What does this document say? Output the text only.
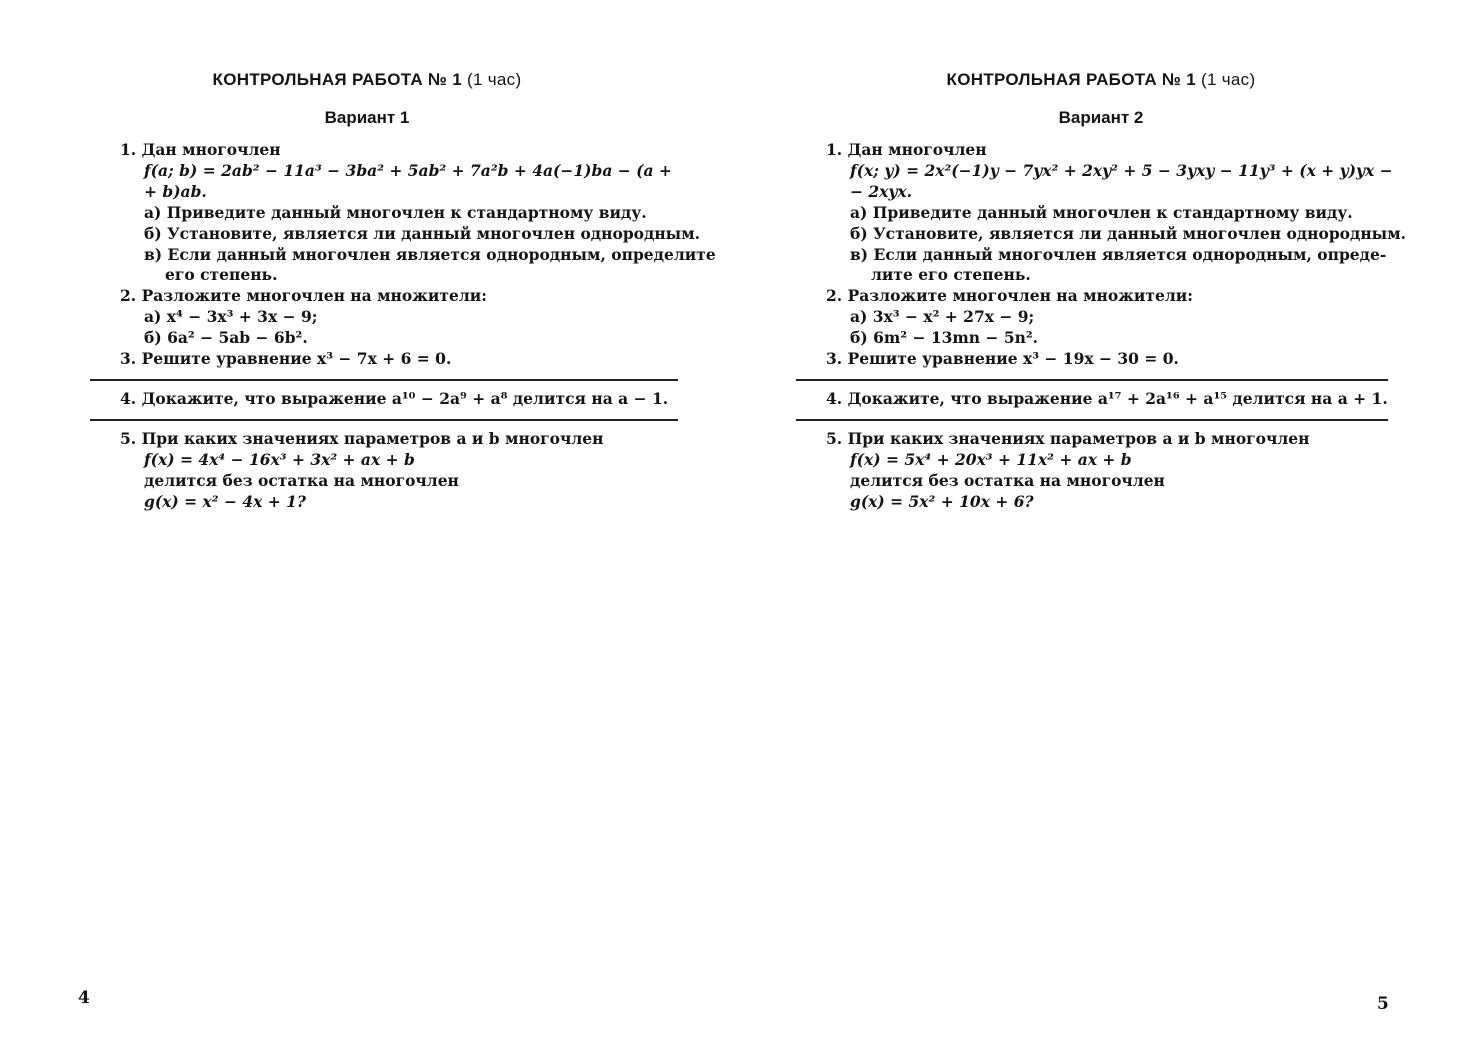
КОНТРОЛЬНАЯ РАБОТА № 1 (1 час)
Вариант 1
1. Дан многочлен
f(a; b) = 2ab² − 11a³ − 3ba² + 5ab² + 7a²b + 4a(−1)ba − (a +
+ b)ab.
а) Приведите данный многочлен к стандартному виду.
б) Установите, является ли данный многочлен однородным.
в) Если данный многочлен является однородным, определите
его степень.
2. Разложите многочлен на множители:
а) x⁴ − 3x³ + 3x − 9;
б) 6a² − 5ab − 6b².
3. Решите уравнение x³ − 7x + 6 = 0.
4. Докажите, что выражение a¹⁰ − 2a⁹ + a⁸ делится на a − 1.
5. При каких значениях параметров a и b многочлен
f(x) = 4x⁴ − 16x³ + 3x² + ax + b
делится без остатка на многочлен
g(x) = x² − 4x + 1?
4
КОНТРОЛЬНАЯ РАБОТА № 1 (1 час)
Вариант 2
1. Дан многочлен
f(x; y) = 2x²(−1)y − 7yx² + 2xy² + 5 − 3yxy − 11y³ + (x + y)yx −
− 2xyx.
а) Приведите данный многочлен к стандартному виду.
б) Установите, является ли данный многочлен однородным.
в) Если данный многочлен является однородным, опреде-
лите его степень.
2. Разложите многочлен на множители:
а) 3x³ − x² + 27x − 9;
б) 6m² − 13mn − 5n².
3. Решите уравнение x³ − 19x − 30 = 0.
4. Докажите, что выражение a¹⁷ + 2a¹⁶ + a¹⁵ делится на a + 1.
5. При каких значениях параметров a и b многочлен
f(x) = 5x⁴ + 20x³ + 11x² + ax + b
делится без остатка на многочлен
g(x) = 5x² + 10x + 6?
5
